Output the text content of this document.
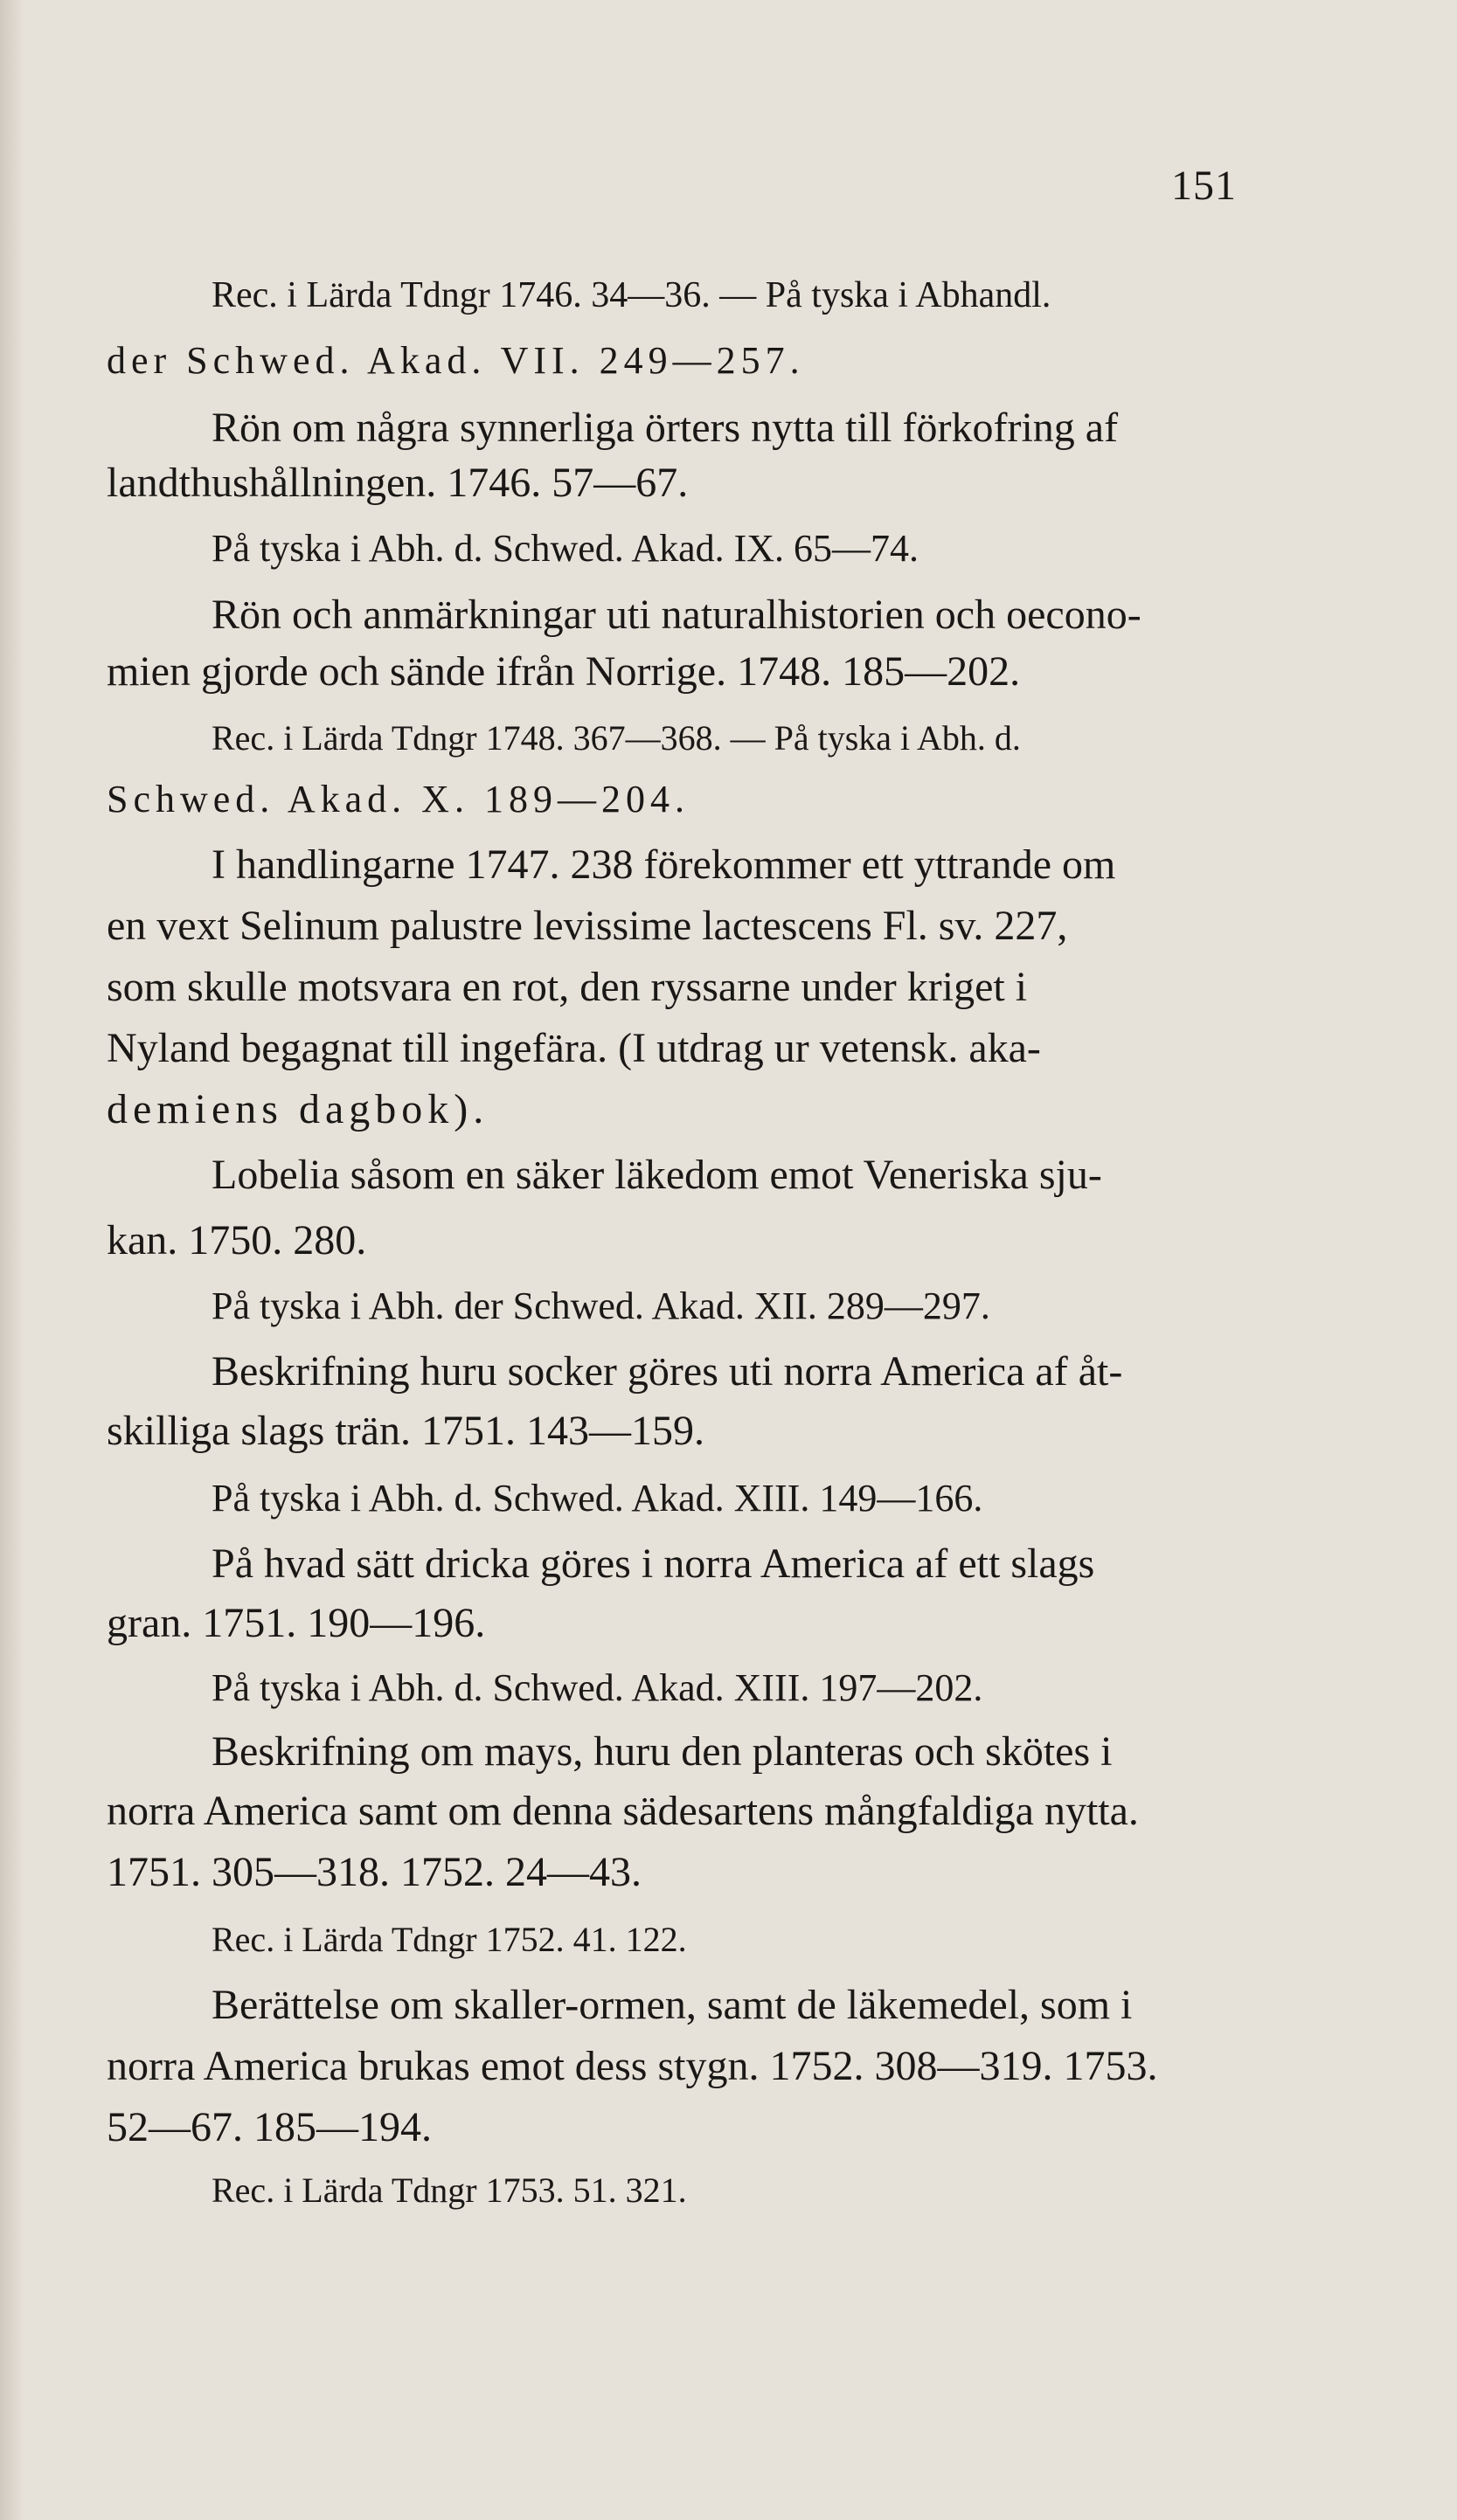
151
Rec. i Lärda Tdngr 1746. 34—36. — På tyska i Abhandl.
der Schwed. Akad. VII. 249—257.
Rön om några synnerliga örters nytta till förkofring af
landthushållningen. 1746. 57—67.
På tyska i Abh. d. Schwed. Akad. IX. 65—74.
Rön och anmärkningar uti naturalhistorien och oecono-
mien gjorde och sände ifrån Norrige. 1748. 185—202.
Rec. i Lärda Tdngr 1748. 367—368. — På tyska i Abh. d.
Schwed. Akad. X. 189—204.
I handlingarne 1747. 238 förekommer ett yttrande om
en vext Selinum palustre levissime lactescens Fl. sv. 227,
som skulle motsvara en rot, den ryssarne under kriget i
Nyland begagnat till ingefära. (I utdrag ur vetensk. aka-
demiens dagbok).
Lobelia såsom en säker läkedom emot Veneriska sju-
kan. 1750. 280.
På tyska i Abh. der Schwed. Akad. XII. 289—297.
Beskrifning huru socker göres uti norra America af åt-
skilliga slags trän. 1751. 143—159.
På tyska i Abh. d. Schwed. Akad. XIII. 149—166.
På hvad sätt dricka göres i norra America af ett slags
gran. 1751. 190—196.
På tyska i Abh. d. Schwed. Akad. XIII. 197—202.
Beskrifning om mays, huru den planteras och skötes i
norra America samt om denna sädesartens mångfaldiga nytta.
1751. 305—318. 1752. 24—43.
Rec. i Lärda Tdngr 1752. 41. 122.
Berättelse om skaller-ormen, samt de läkemedel, som i
norra America brukas emot dess stygn. 1752. 308—319. 1753.
52—67. 185—194.
Rec. i Lärda Tdngr 1753. 51. 321.
